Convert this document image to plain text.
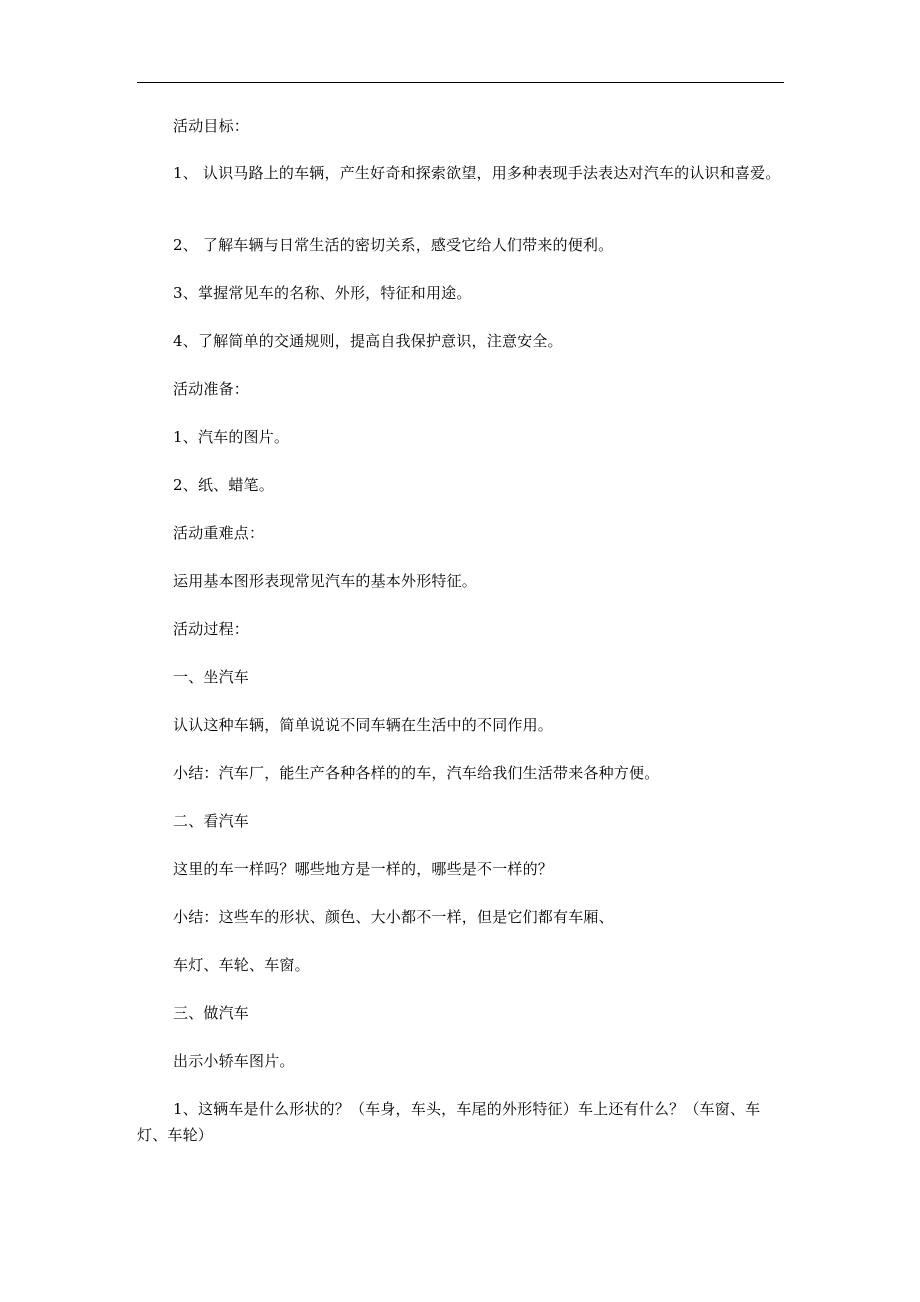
活动目标：
1、 认识马路上的车辆，产生好奇和探索欲望，用多种表现手法表达对汽车的认识和喜爱。
2、 了解车辆与日常生活的密切关系，感受它给人们带来的便利。
3、掌握常见车的名称、外形，特征和用途。
4、了解简单的交通规则，提高自我保护意识，注意安全。
活动准备：
1、汽车的图片。
2、纸、蜡笔。
活动重难点：
运用基本图形表现常见汽车的基本外形特征。
活动过程：
一、坐汽车
认认这种车辆，简单说说不同车辆在生活中的不同作用。
小结：汽车厂，能生产各种各样的的车，汽车给我们生活带来各种方便。
二、看汽车
这里的车一样吗？哪些地方是一样的，哪些是不一样的？
小结：这些车的形状、颜色、大小都不一样，但是它们都有车厢、
车灯、车轮、车窗。
三、做汽车
出示小轿车图片。
1、这辆车是什么形状的？（车身，车头，车尾的外形特征）车上还有什么？（车窗、车灯、车轮）
